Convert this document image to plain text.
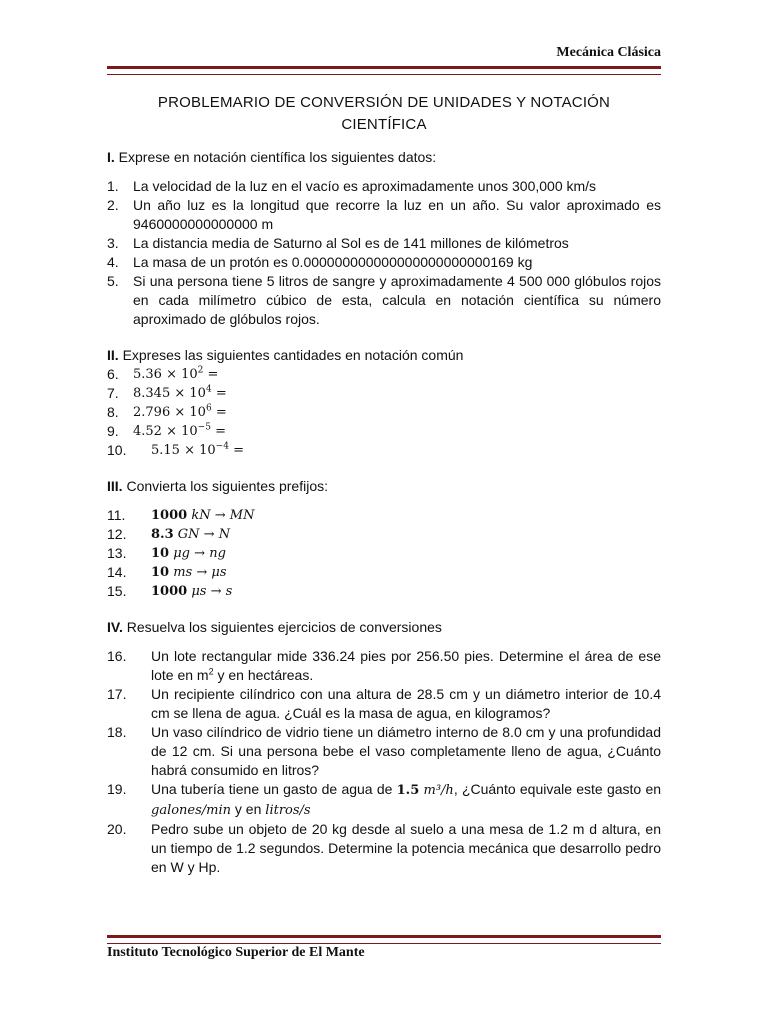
Mecánica Clásica
PROBLEMARIO DE CONVERSIÓN DE UNIDADES Y NOTACIÓN
CIENTÍFICA
I. Exprese en notación científica los siguientes datos:
1.	La velocidad de la luz en el vacío es aproximadamente unos 300,000 km/s
2.	Un año luz es la longitud que recorre la luz en un año. Su valor aproximado es 9460000000000000 m
3.	La distancia media de Saturno al Sol es de 141 millones de kilómetros
4.	La masa de un protón es 0.000000000000000000000000169 kg
5.	Si una persona tiene 5 litros de sangre y aproximadamente 4 500 000 glóbulos rojos en cada milímetro cúbico de esta, calcula en notación científica su número aproximado de glóbulos rojos.
II. Expreses las siguientes cantidades en notación común
6.	$5.36 \times 10^2$ =
7.	$8.345 \times 10^4$ =
8.	$2.796 \times 10^6$ =
9.	$4.52 \times 10^{-5}$ =
10.	$5.15 \times 10^{-4}$ =
III. Convierta los siguientes prefijos:
11.	1000 kN → MN
12.	8.3 GN → N
13.	10 μg → ng
14.	10 ms → μs
15.	1000 μs → s
IV. Resuelva los siguientes ejercicios de conversiones
16.	Un lote rectangular mide 336.24 pies por 256.50 pies. Determine el área de ese lote en $m^2$ y en hectáreas.
17.	Un recipiente cilíndrico con una altura de 28.5 cm y un diámetro interior de 10.4 cm se llena de agua. ¿Cuál es la masa de agua, en kilogramos?
18.	Un vaso cilíndrico de vidrio tiene un diámetro interno de 8.0 cm y una profundidad de 12 cm. Si una persona bebe el vaso completamente lleno de agua, ¿Cuánto habrá consumido en litros?
19.	Una tubería tiene un gasto de agua de 1.5 m³/h, ¿Cuánto equivale este gasto en galones/min y en litros/s
20.	Pedro sube un objeto de 20 kg desde al suelo a una mesa de 1.2 m d altura, en un tiempo de 1.2 segundos. Determine la potencia mecánica que desarrollo pedro en W y Hp.
Instituto Tecnológico Superior de El Mante
